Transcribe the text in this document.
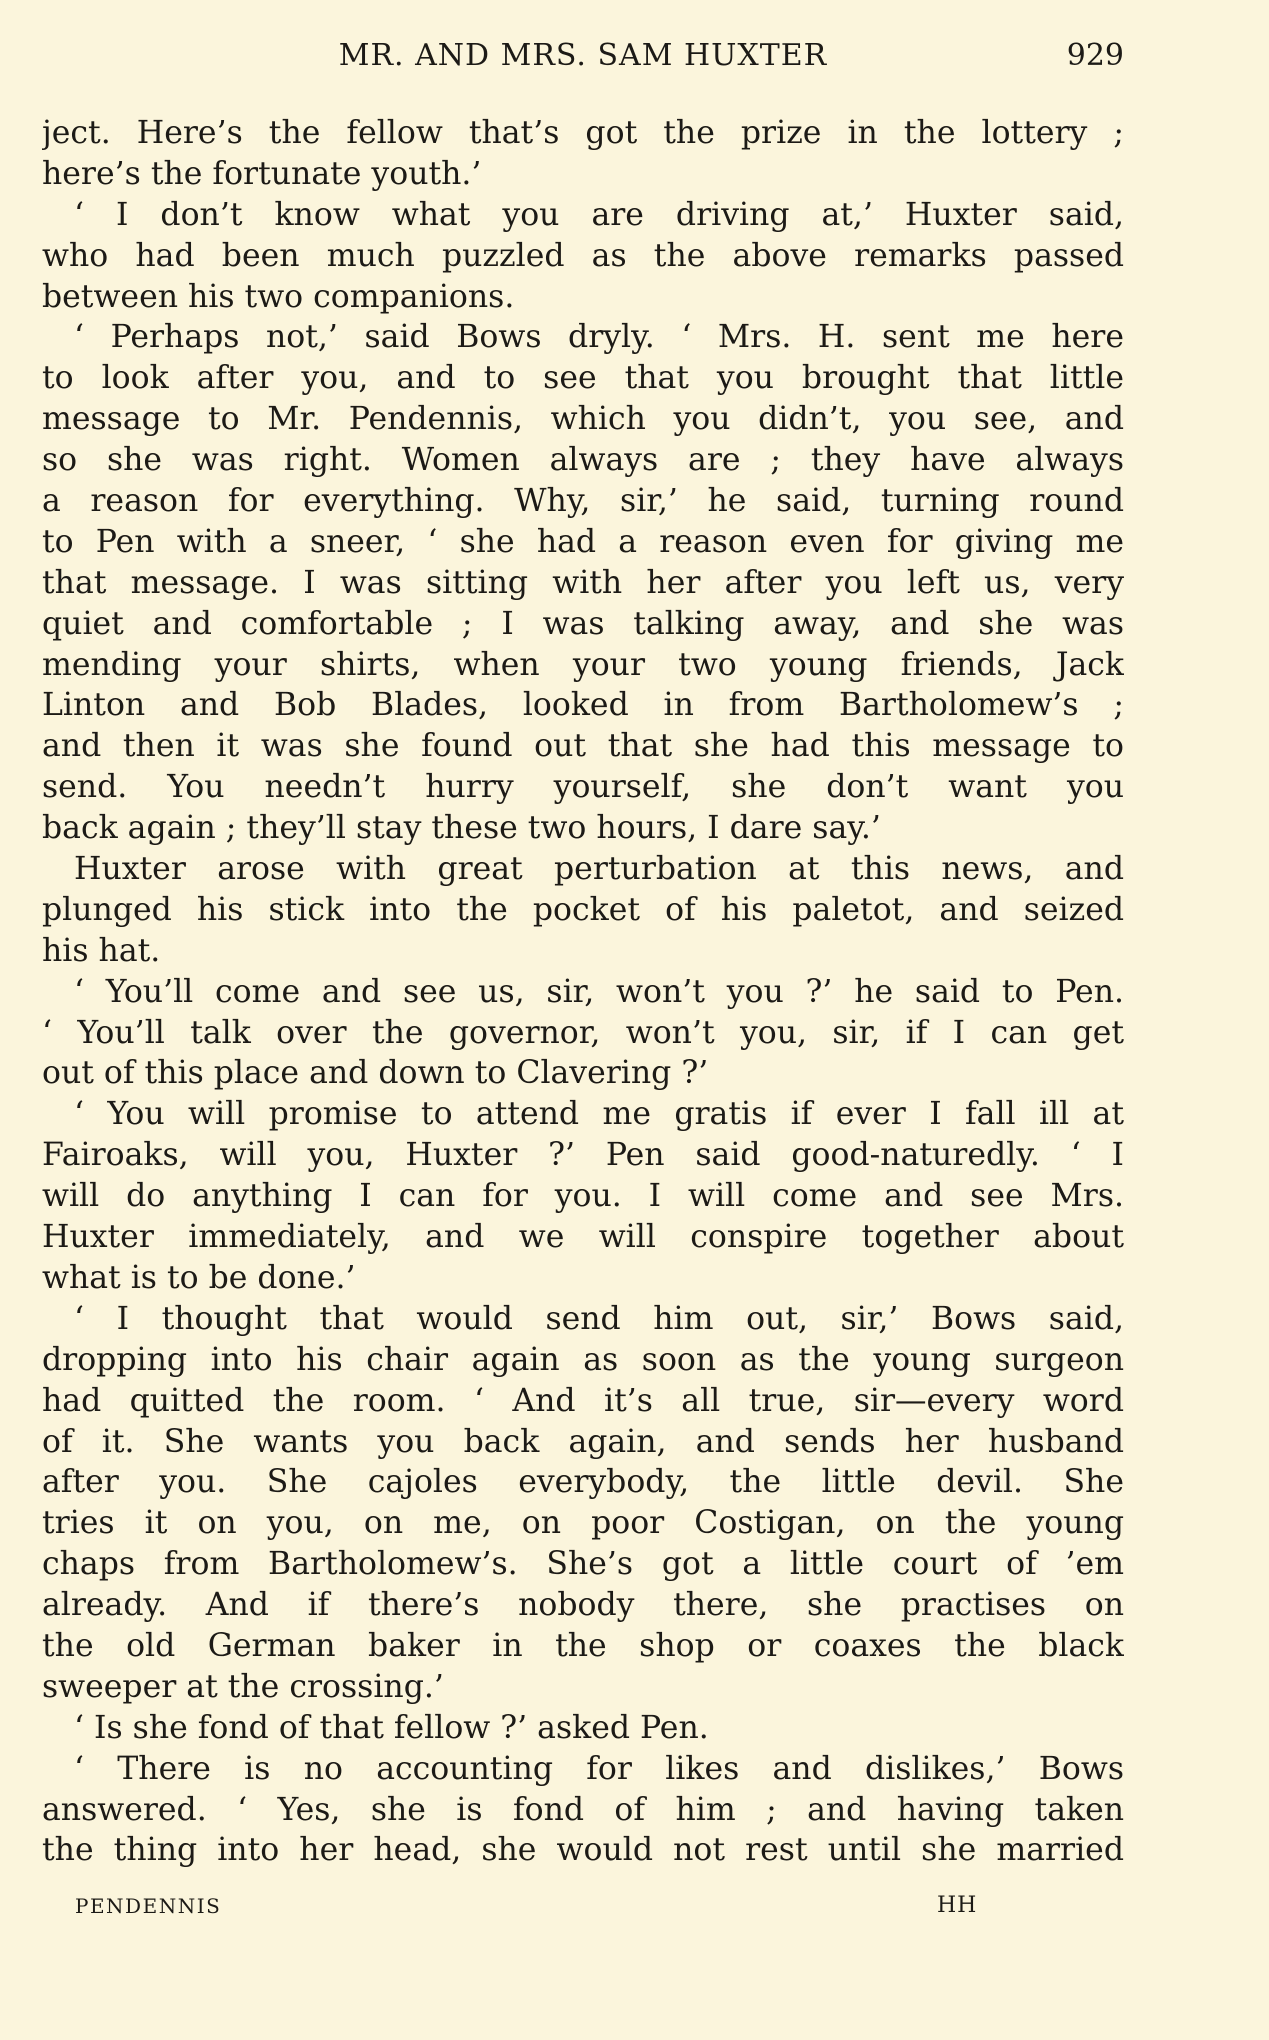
MR. AND MRS. SAM HUXTER	929
ject. Here’s the fellow that’s got the prize in the lottery ;
here’s the fortunate youth.’
‘ I don’t know what you are driving at,’ Huxter said,
who had been much puzzled as the above remarks passed
between his two companions.
‘ Perhaps not,’ said Bows dryly. ‘ Mrs. H. sent me here
to look after you, and to see that you brought that little
message to Mr. Pendennis, which you didn’t, you see, and
so she was right. Women always are ; they have always
a reason for everything. Why, sir,’ he said, turning round
to Pen with a sneer, ‘ she had a reason even for giving me
that message. I was sitting with her after you left us, very
quiet and comfortable ; I was talking away, and she was
mending your shirts, when your two young friends, Jack
Linton and Bob Blades, looked in from Bartholomew’s ;
and then it was she found out that she had this message to
send. You needn’t hurry yourself, she don’t want you
back again ; they’ll stay these two hours, I dare say.’
Huxter arose with great perturbation at this news, and
plunged his stick into the pocket of his paletot, and seized
his hat.
‘ You’ll come and see us, sir, won’t you ?’ he said to Pen.
‘ You’ll talk over the governor, won’t you, sir, if I can get
out of this place and down to Clavering ?’
‘ You will promise to attend me gratis if ever I fall ill at
Fairoaks, will you, Huxter ?’ Pen said good-naturedly. ‘ I
will do anything I can for you. I will come and see Mrs.
Huxter immediately, and we will conspire together about
what is to be done.’
‘ I thought that would send him out, sir,’ Bows said,
dropping into his chair again as soon as the young surgeon
had quitted the room. ‘ And it’s all true, sir—every word
of it. She wants you back again, and sends her husband
after you. She cajoles everybody, the little devil. She
tries it on you, on me, on poor Costigan, on the young
chaps from Bartholomew’s. She’s got a little court of ’em
already. And if there’s nobody there, she practises on
the old German baker in the shop or coaxes the black
sweeper at the crossing.’
‘ Is she fond of that fellow ?’ asked Pen.
‘ There is no accounting for likes and dislikes,’ Bows
answered. ‘ Yes, she is fond of him ; and having taken
the thing into her head, she would not rest until she married
PENDENNIS	HH
